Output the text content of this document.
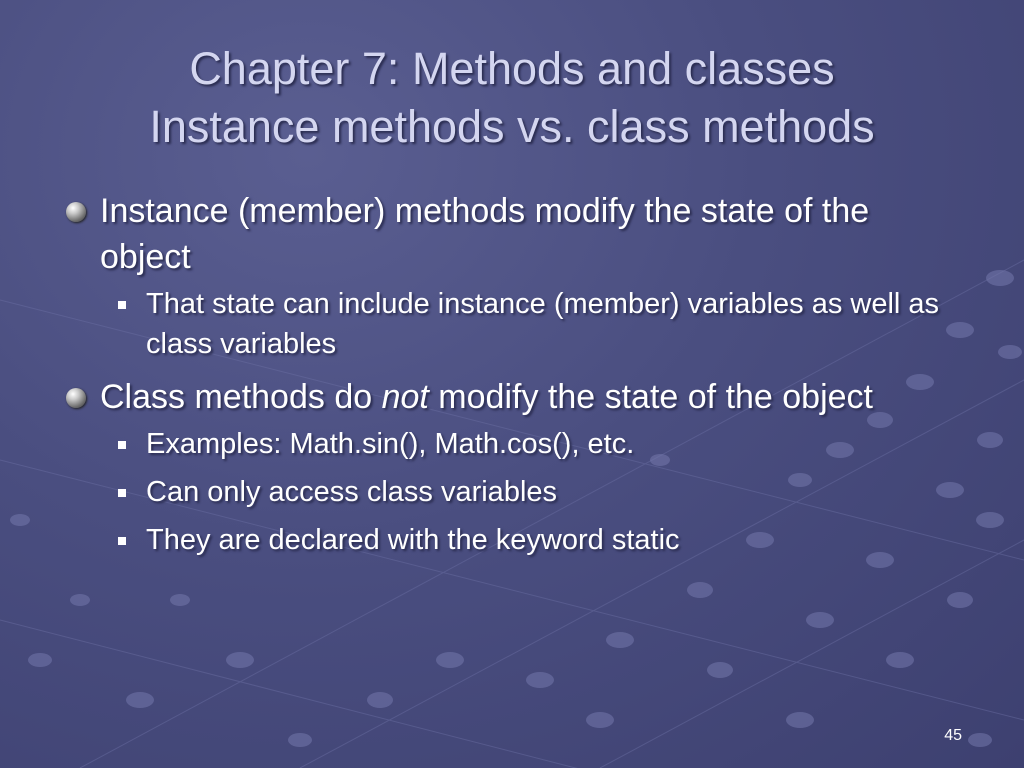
Chapter 7: Methods and classes
Instance methods vs. class methods
Instance (member) methods modify the state of the object
That state can include instance (member) variables as well as class variables
Class methods do not modify the state of the object
Examples: Math.sin(), Math.cos(), etc.
Can only access class variables
They are declared with the keyword static
45
